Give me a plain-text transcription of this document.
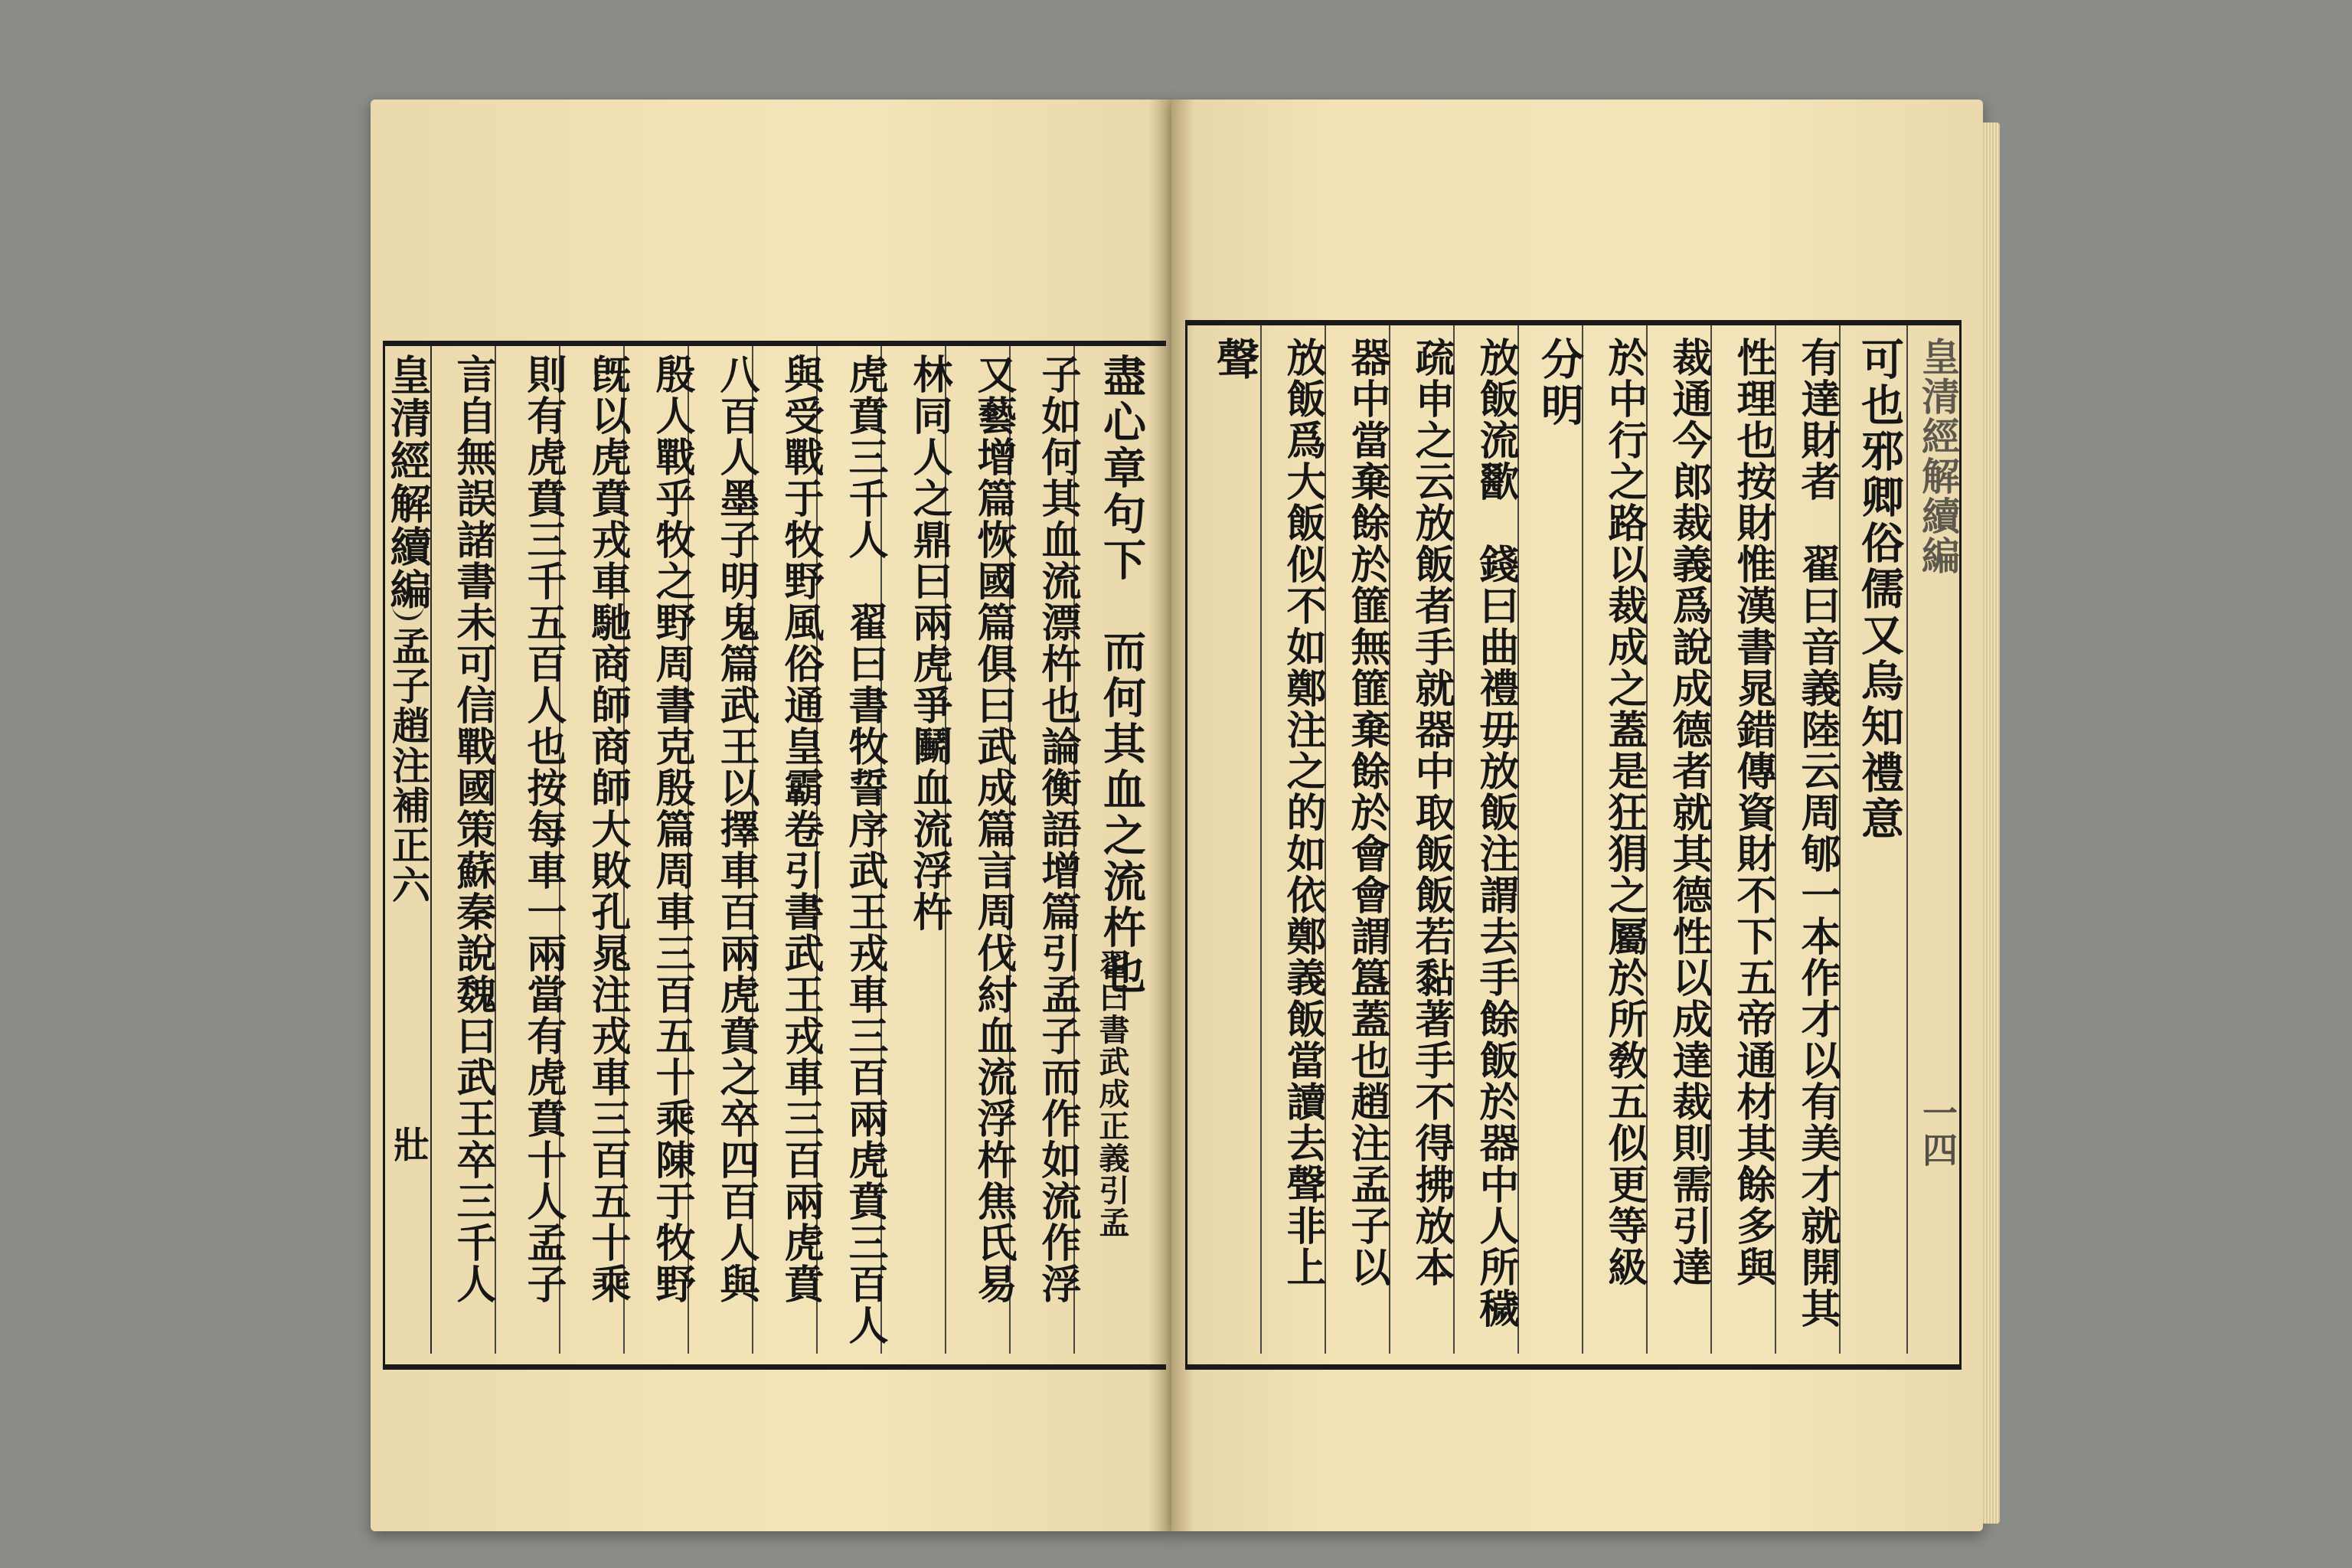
皇清經解續編
孟子趙注補正六
壯
盡心章句下　而何其血之流杵也
子如何其血流漂杵也論衡語增篇引孟子而作如流作浮
又藝增篇恢國篇俱曰武成篇言周伐紂血流浮杵焦氏易
林同人之鼎曰兩虎爭鬭血流浮杵
虎賁三千人　翟曰書牧誓序武王戎車三百兩虎賁三百人
與受戰于牧野風俗通皇霸卷引書武王戎車三百兩虎賁
八百人墨子明鬼篇武王以擇車百兩虎賁之卒四百人與
殷人戰乎牧之野周書克殷篇周車三百五十乘陳于牧野
旣以虎賁戎車馳商師商師大敗孔晁注戎車三百五十乘
則有虎賁三千五百人也按每車一兩當有虎賁十人孟子
言自無誤諸書未可信戰國策蘇秦說魏曰武王卒三千人	翟曰書武成正義引孟
皇清經解續編
一四
可也邪卿俗儒又烏知禮意
有達財者　翟曰音義陸云周郇一本作才以有美才就開其
性理也按財惟漢書晁錯傳資財不下五帝通材其餘多與
裁通今郎裁義爲說成德者就其德性以成達裁則需引達
於中行之路以裁成之蓋是狂狷之屬於所敎五似更等級
分明
放飯流歠　錢曰曲禮毋放飯注謂去手餘飯於器中人所穢
疏申之云放飯者手就器中取飯飯若黏著手不得拂放本
器中當棄餘於篚無篚棄餘於會會謂簋蓋也趙注孟子以
放飯爲大飯似不如鄭注之的如依鄭義飯當讀去聲非上
聲
